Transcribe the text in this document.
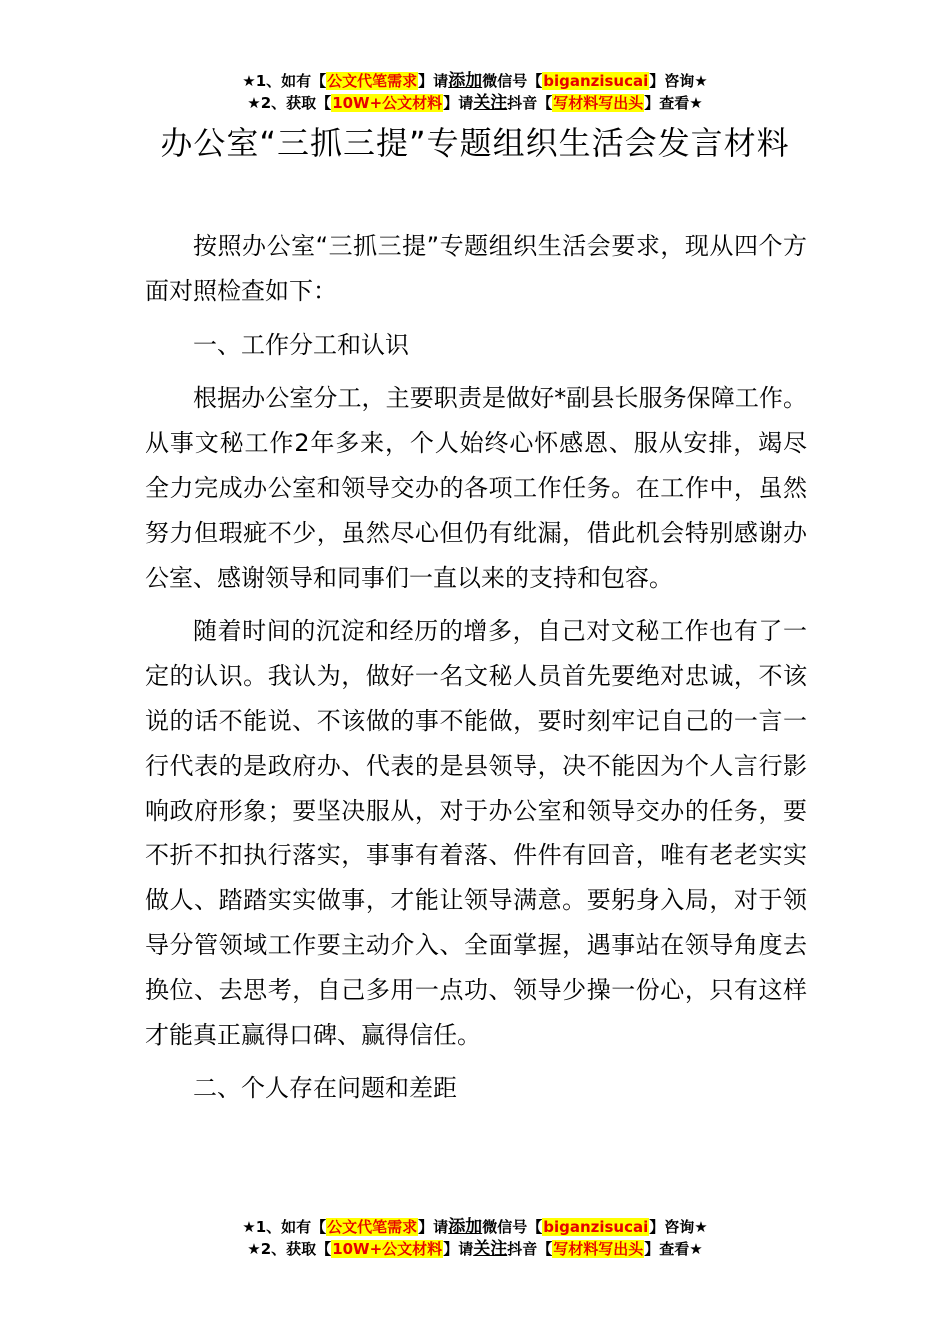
★1、如有【公文代笔需求】请添加微信号【biganzisucai】咨询★
★2、获取【10W+公文材料】请关注抖音【写材料写出头】查看★
办公室“三抓三提”专题组织生活会发言材料

按照办公室“三抓三提”专题组织生活会要求，现从四个方面对照检查如下：

一、工作分工和认识

根据办公室分工，主要职责是做好*副县长服务保障工作。从事文秘工作2年多来，个人始终心怀感恩、服从安排，竭尽全力完成办公室和领导交办的各项工作任务。在工作中，虽然努力但瑕疵不少，虽然尽心但仍有纰漏，借此机会特别感谢办公室、感谢领导和同事们一直以来的支持和包容。

随着时间的沉淀和经历的增多，自己对文秘工作也有了一定的认识。我认为，做好一名文秘人员首先要绝对忠诚，不该说的话不能说、不该做的事不能做，要时刻牢记自己的一言一行代表的是政府办、代表的是县领导，决不能因为个人言行影响政府形象；要坚决服从，对于办公室和领导交办的任务，要不折不扣执行落实，事事有着落、件件有回音，唯有老老实实做人、踏踏实实做事，才能让领导满意。要躬身入局，对于领导分管领域工作要主动介入、全面掌握，遇事站在领导角度去换位、去思考，自己多用一点功、领导少操一份心，只有这样才能真正赢得口碑、赢得信任。

二、个人存在问题和差距

★1、如有【公文代笔需求】请添加微信号【biganzisucai】咨询★
★2、获取【10W+公文材料】请关注抖音【写材料写出头】查看★
